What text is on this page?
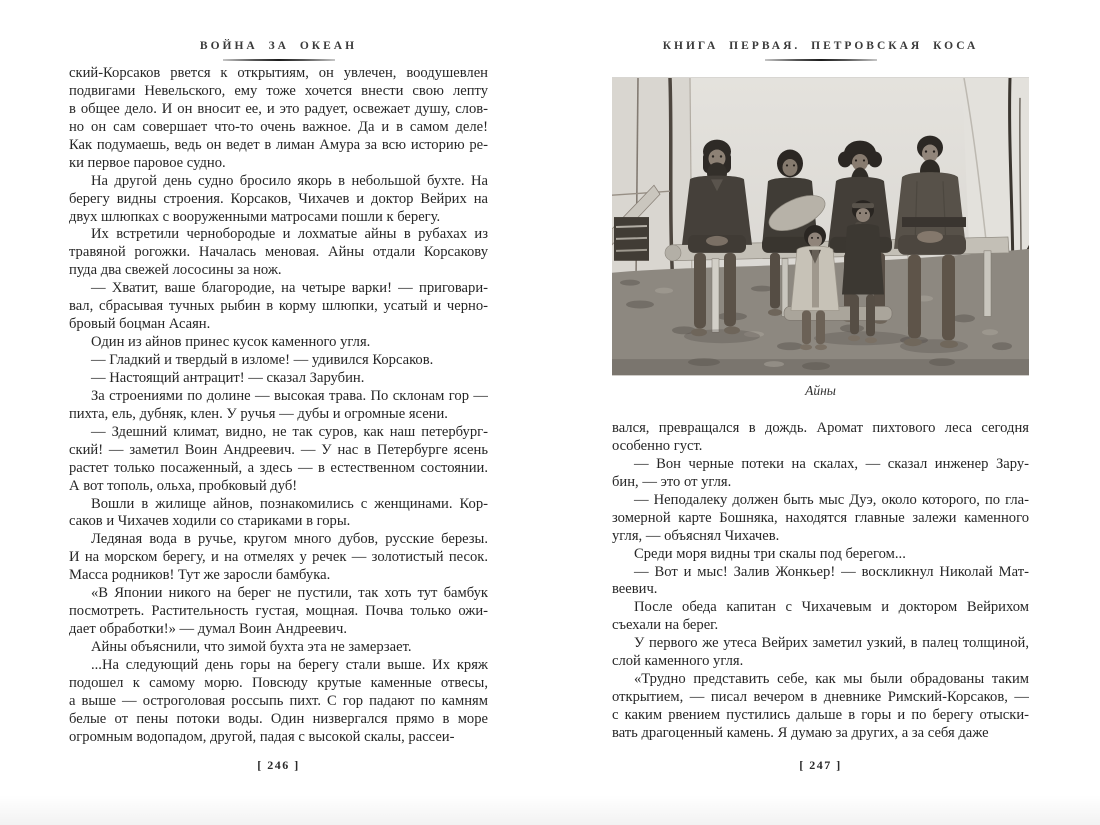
ВОЙНА ЗА ОКЕАН
ский-Корсаков рвется к открытиям, он увлечен, воодушевлен
подвигами Невельского, ему тоже хочется внести свою лепту
в общее дело. И он вносит ее, и это радует, освежает душу, слов-
но он сам совершает что-то очень важное. Да и в самом деле!
Как подумаешь, ведь он ведет в лиман Амура за всю историю ре-
ки первое паровое судно.
На другой день судно бросило якорь в небольшой бухте. На
берегу видны строения. Корсаков, Чихачев и доктор Вейрих на
двух шлюпках с вооруженными матросами пошли к берегу.
Их встретили чернобородые и лохматые айны в рубахах из
травяной рогожки. Началась меновая. Айны отдали Корсакову
пуда два свежей лососины за нож.
— Хватит, ваше благородие, на четыре варки! — приговари-
вал, сбрасывая тучных рыбин в корму шлюпки, усатый и черно-
бровый боцман Асаян.
Один из айнов принес кусок каменного угля.
— Гладкий и твердый в изломе! — удивился Корсаков.
— Настоящий антрацит! — сказал Зарубин.
За строениями по долине — высокая трава. По склонам гор —
пихта, ель, дубняк, клен. У ручья — дубы и огромные ясени.
— Здешний климат, видно, не так суров, как наш петербург-
ский! — заметил Воин Андреевич. — У нас в Петербурге ясень
растет только посаженный, а здесь — в естественном состоянии.
А вот тополь, ольха, пробковый дуб!
Вошли в жилище айнов, познакомились с женщинами. Кор-
саков и Чихачев ходили со стариками в горы.
Ледяная вода в ручье, кругом много дубов, русские березы.
И на морском берегу, и на отмелях у речек — золотистый песок.
Масса родников! Тут же заросли бамбука.
«В Японии никого на берег не пустили, так хоть тут бамбук
посмотреть. Растительность густая, мощная. Почва только ожи-
дает обработки!» — думал Воин Андреевич.
Айны объяснили, что зимой бухта эта не замерзает.
...На следующий день горы на берегу стали выше. Их кряж
подошел к самому морю. Повсюду крутые каменные отвесы,
а выше — остроголовая россыпь пихт. С гор падают по камням
белые от пены потоки воды. Один низвергался прямо в море
огромным водопадом, другой, падая с высокой скалы, рассеи-
[ 246 ]
КНИГА ПЕРВАЯ. ПЕТРОВСКАЯ КОСА
Айны
вался, превращался в дождь. Аромат пихтового леса сегодня
особенно густ.
— Вон черные потеки на скалах, — сказал инженер Зару-
бин, — это от угля.
— Неподалеку должен быть мыс Дуэ, около которого, по гла-
зомерной карте Бошняка, находятся главные залежи каменного
угля, — объяснял Чихачев.
Среди моря видны три скалы под берегом...
— Вот и мыс! Залив Жонкьер! — воскликнул Николай Мат-
веевич.
После обеда капитан с Чихачевым и доктором Вейрихом
съехали на берег.
У первого же утеса Вейрих заметил узкий, в палец толщиной,
слой каменного угля.
«Трудно представить себе, как мы были обрадованы таким
открытием, — писал вечером в дневнике Римский-Корсаков, —
с каким рвением пустились дальше в горы и по берегу отыски-
вать драгоценный камень. Я думаю за других, а за себя даже
[ 247 ]
